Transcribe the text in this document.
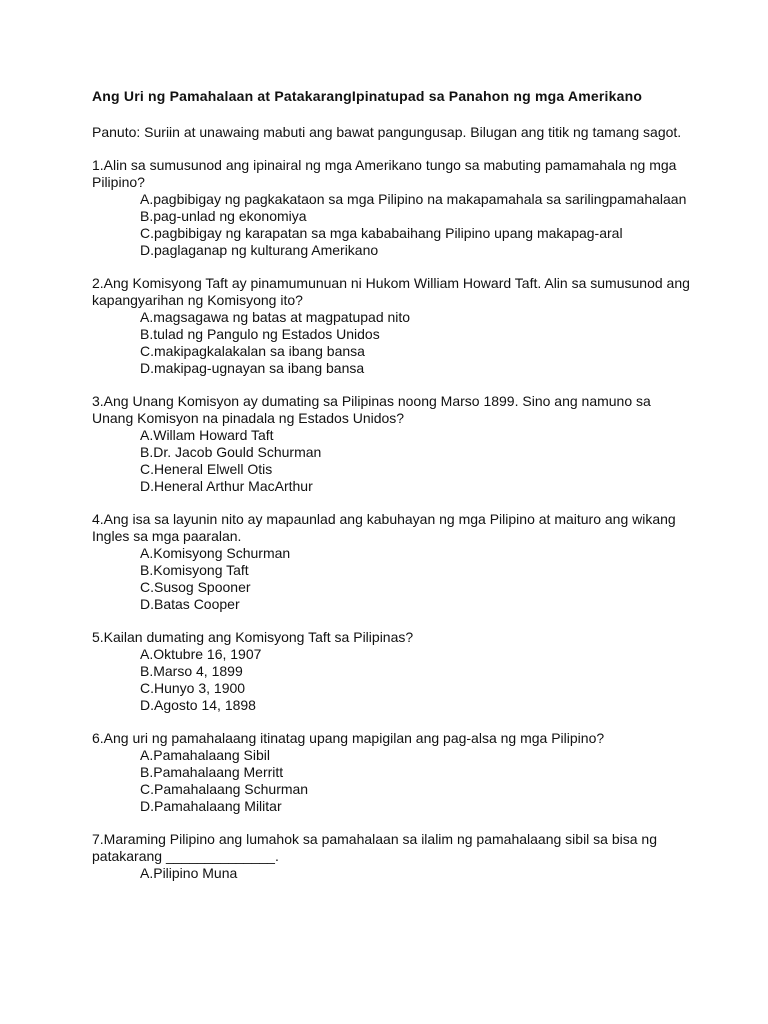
Ang Uri ng Pamahalaan at PatakarangIpinatupad sa Panahon ng mga Amerikano

Panuto: Suriin at unawaing mabuti ang bawat pangungusap. Bilugan ang titik ng tamang sagot.

1.Alin sa sumusunod ang ipinairal ng mga Amerikano tungo sa mabuting pamamahala ng mga Pilipino?

A.pagbibigay ng pagkakataon sa mga Pilipino na makapamahala sa sarilingpamahalaan
B.pag-unlad ng ekonomiya
C.pagbibigay ng karapatan sa mga kababaihang Pilipino upang makapag-aral
D.paglaganap ng kulturang Amerikano

2.Ang Komisyong Taft ay pinamumunuan ni Hukom William Howard Taft. Alin sa sumusunod ang kapangyarihan ng Komisyong ito?

A.magsagawa ng batas at magpatupad nito
B.tulad ng Pangulo ng Estados Unidos
C.makipagkalakalan sa ibang bansa
D.makipag-ugnayan sa ibang bansa

3.Ang Unang Komisyon ay dumating sa Pilipinas noong Marso 1899. Sino ang namuno sa Unang Komisyon na pinadala ng Estados Unidos?

A.Willam Howard Taft
B.Dr. Jacob Gould Schurman
C.Heneral Elwell Otis
D.Heneral Arthur MacArthur

4.Ang isa sa layunin nito ay mapaunlad ang kabuhayan ng mga Pilipino at maituro ang wikang Ingles sa mga paaralan.

A.Komisyong Schurman
B.Komisyong Taft
C.Susog Spooner
D.Batas Cooper

5.Kailan dumating ang Komisyong Taft sa Pilipinas?

A.Oktubre 16, 1907
B.Marso 4, 1899
C.Hunyo 3, 1900
D.Agosto 14, 1898

6.Ang uri ng pamahalaang itinatag upang mapigilan ang pag-alsa ng mga Pilipino?

A.Pamahalaang Sibil
B.Pamahalaang Merritt
C.Pamahalaang Schurman
D.Pamahalaang Militar

7.Maraming Pilipino ang lumahok sa pamahalaan sa ilalim ng pamahalaang sibil sa bisa ng patakarang ______________.

A.Pilipino Muna
